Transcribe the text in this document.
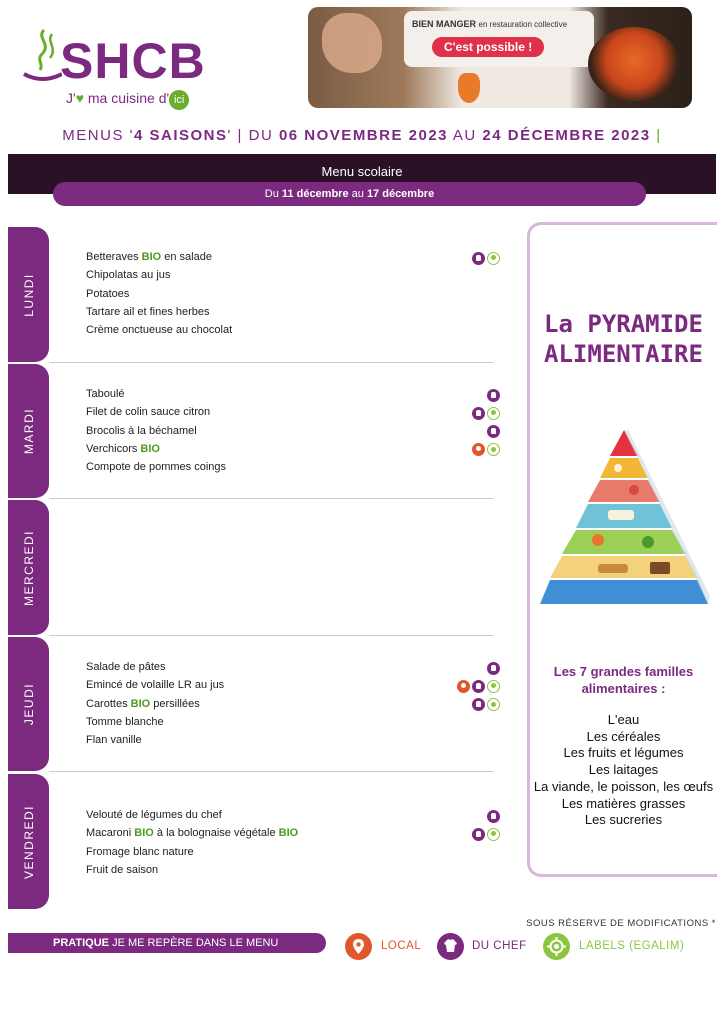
SHCB
J'♥ ma cuisine d' ici
BIEN MANGER en restauration collective
C'est possible !
MENUS '4 SAISONS' | DU 06 NOVEMBRE 2023 AU 24 DÉCEMBRE 2023 |
Menu scolaire
Du 11 décembre au 17 décembre
LUNDI
Betteraves BIO en salade
Chipolatas au jus
Potatoes
Tartare ail et fines herbes
Crème onctueuse au chocolat
MARDI
Taboulé
Filet de colin sauce citron
Brocolis à la béchamel
Verchicors BIO
Compote de pommes coings
MERCREDI
JEUDI
Salade de pâtes
Emincé de volaille LR au jus
Carottes BIO persillées
Tomme blanche
Flan vanille
VENDREDI	Velouté de légumes du chef
Macaroni BIO à la bolognaise végétale BIO
Fromage blanc nature
Fruit de saison
La PYRAMIDE
ALIMENTAIRE
Les 7 grandes familles alimentaires :
L'eau
Les céréales
Les fruits et légumes
Les laitages
La viande, le poisson, les œufs
Les matières grasses
Les sucreries
SOUS RÉSERVE DE MODIFICATIONS *
PRATIQUE JE ME REPÈRE DANS LE MENU	LOCAL	DU CHEF	LABELS (EGALIM)
